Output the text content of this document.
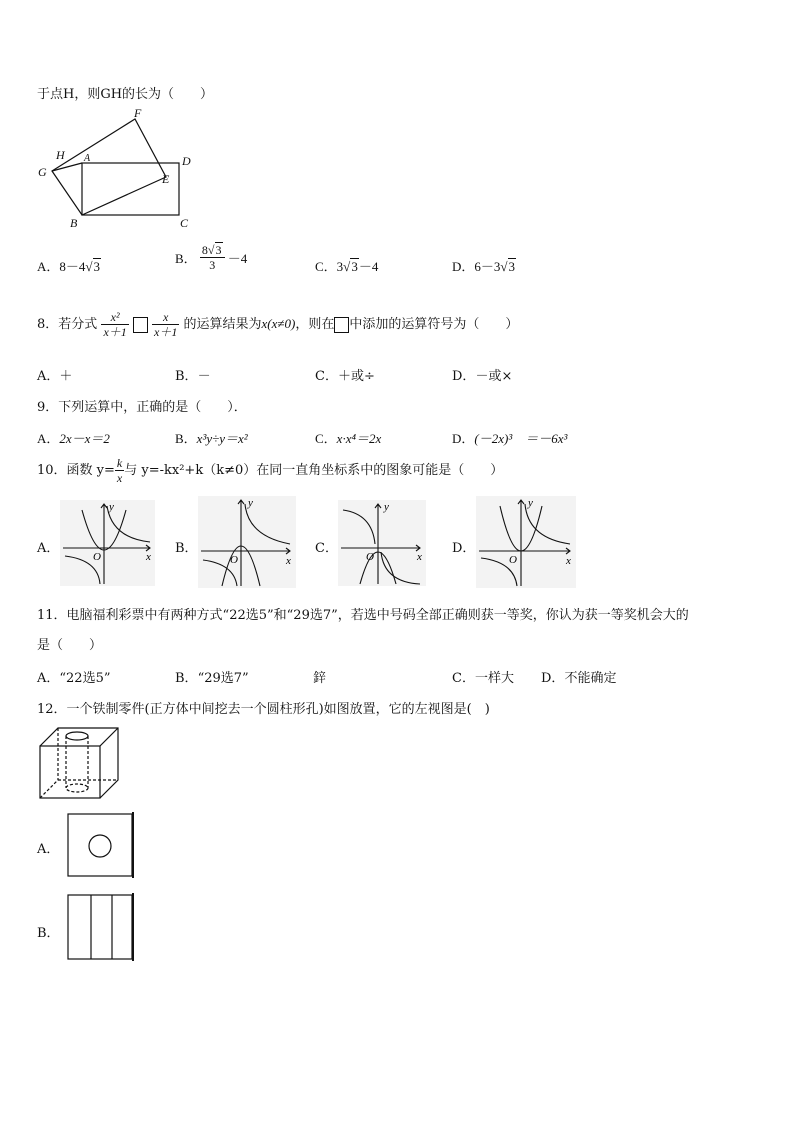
于点H，则GH的长为（　　）
F
H A	D
G	E
B	C
A．8－4√3
B． $\frac{8√3}{3} -4$
C．3√3－4	D．6－3√3
8．若分式 $\frac{\text{x²}}{x+1}$
$\frac{x}{x+1}$ 的运算结果为x(x≠0)，则在 中添加的运算符号为（　　）
A．＋	B．－	C．＋或÷	D．－或×
9．下列运算中，正确的是（　　）．
A．2x－x＝2	B．x³y÷y＝x²	C．x·x⁴＝2x	D．(－2x)³　＝－6x³
10．函数 $y= \frac{k}{x}$ 与 y=-kx²+k（k≠0）在同一直角坐标系中的图象可能是（　　）
A．
y
x
O
B．
y
x
O
C．
y
x
O
D．
y
x
O
11．电脑福利彩票中有两种方式“22选5”和“29选7”，若选中号码全部正确则获一等奖，你认为获一等奖机会大的
是（　　）
A．“22选5”	B．“29选7”	鋅	C．一样大 D．不能确定
12．一个铁制零件(正方体中间挖去一个圆柱形孔)如图放置，它的左视图是(　)
A．
B．
